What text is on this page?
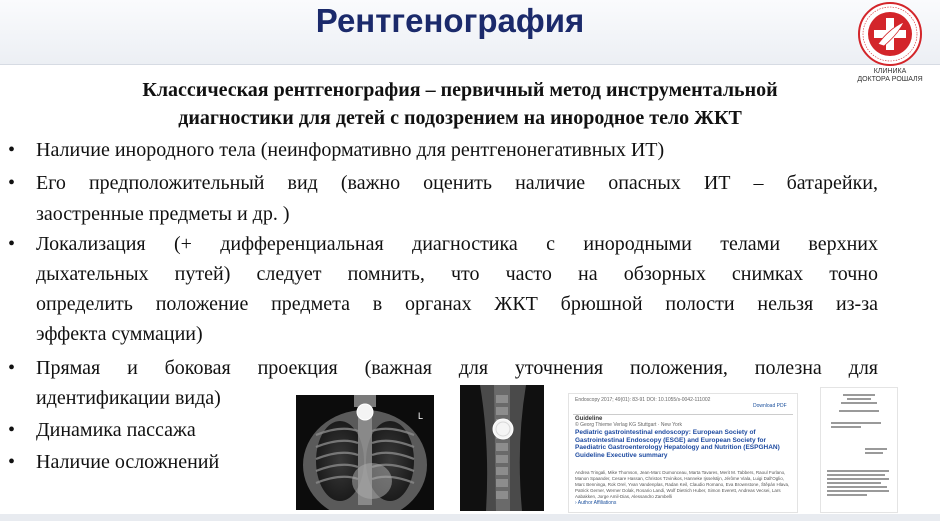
Рентгенография
КЛИНИКА
ДОКТОРА РОШАЛЯ
Классическая рентгенография – первичный метод инструментальной
диагностики для детей с подозрением на инородное тело ЖКТ
• Наличие инородного тела (неинформативно для рентгенонегативных ИТ)
• Его предположительный вид (важно оценить наличие опасных ИТ – батарейки,
заостренные предметы и др. )
• Локализация (+ дифференциальная диагностика с инородными телами верхних
дыхательных путей) следует помнить, что часто на обзорных снимках точно
определить положение предмета в органах ЖКТ брюшной полости нельзя из-за
эффекта суммации)
• Прямая и боковая проекция (важная для уточнения положения, полезна для
идентификации вида)
• Динамика пассажа
• Наличие осложнений
L
Endoscopy 2017; 49(01): 83-91 DOI: 10.1055/s-0042-111002
Download PDF
Guideline
© Georg Thieme Verlag KG Stuttgart · New York
Pediatric gastrointestinal endoscopy: European Society of Gastrointestinal Endoscopy (ESGE) and European Society for Paediatric Gastroenterology Hepatology and Nutrition (ESPGHAN) Guideline Executive summary
Andrea Tringali, Mike Thomson, Jean-Marc Dumonceau, Marta Tavares, Merit M. Tabbers, Raoul Furlano, Manon Spaander, Cesare Hassan, Christos Tzvinikos, Hanneke Ijsselstijn, Jérôme Viala, Luigi Dall'Oglio, Marc Benninga, Rok Orel, Yvan Vandenplas, Radan Keil, Claudio Romano, Eva Brownstone, Štěpán Hlava, Patrick Gerner, Werner Dolak, Rosario Landi, Wolf Dietrich Huber, Simon Everett, Andreas Vecsei, Lars Aabakken, Jorge Amil-Dias, Alessandro Zambelli
› Author Affiliations
